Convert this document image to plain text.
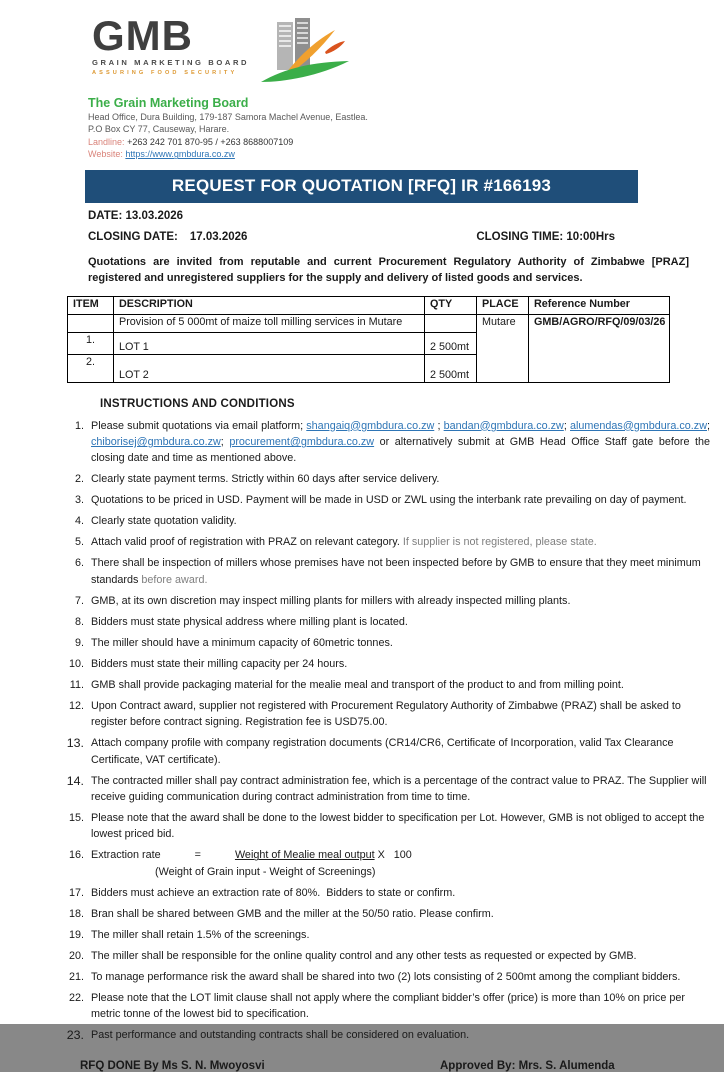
GMB
GRAIN MARKETING BOARD
ASSURING FOOD SECURITY
The Grain Marketing Board
Head Office, Dura Building, 179-187 Samora Machel Avenue, Eastlea.
P.O Box CY 77, Causeway, Harare.
Landline: +263 242 701 870-95 / +263 8688007109
Website: https://www.gmbdura.co.zw
REQUEST FOR QUOTATION [RFQ] IR #166193
DATE: 13.03.2026
CLOSING DATE: 17.03.2026	CLOSING TIME: 10:00Hrs

Quotations are invited from reputable and current Procurement Regulatory Authority of Zimbabwe [PRAZ] registered and unregistered suppliers for the supply and delivery of listed goods and services.

ITEM	DESCRIPTION	QTY	PLACE	Reference Number
	Provision of 5 000mt of maize toll milling services in Mutare		Mutare	GMB/AGRO/RFQ/09/03/26
1.	LOT 1	2 500mt		
2.	LOT 2	2 500mt		
INSTRUCTIONS AND CONDITIONS
1. Please submit quotations via email platform; shangaiq@gmbdura.co.zw ; bandan@gmbdura.co.zw; alumendas@gmbdura.co.zw; chiborisej@gmbdura.co.zw; procurement@gmbdura.co.zw or alternatively submit at GMB Head Office Staff gate before the closing date and time as mentioned above.
2. Clearly state payment terms. Strictly within 60 days after service delivery.
3. Quotations to be priced in USD. Payment will be made in USD or ZWL using the interbank rate prevailing on day of payment.
4. Clearly state quotation validity.
5. Attach valid proof of registration with PRAZ on relevant category. If supplier is not registered, please state.
6. There shall be inspection of millers whose premises have not been inspected before by GMB to ensure that they meet minimum standards before award.
7. GMB, at its own discretion may inspect milling plants for millers with already inspected milling plants.
8. Bidders must state physical address where milling plant is located.
9. The miller should have a minimum capacity of 60metric tonnes.
10. Bidders must state their milling capacity per 24 hours.
11. GMB shall provide packaging material for the mealie meal and transport of the product to and from milling point.
12. Upon Contract award, supplier not registered with Procurement Regulatory Authority of Zimbabwe (PRAZ) shall be asked to register before contract signing. Registration fee is USD75.00.
13. Attach company profile with company registration documents (CR14/CR6, Certificate of Incorporation, valid Tax Clearance Certificate, VAT certificate).
14. The contracted miller shall pay contract administration fee, which is a percentage of the contract value to PRAZ. The Supplier will receive guiding communication during contract administration from time to time.
15. Please note that the award shall be done to the lowest bidder to specification per Lot. However, GMB is not obliged to accept the lowest priced bid.
16. Extraction rate	=	Weight of Mealie meal output X   100
(Weight of Grain input - Weight of Screenings)
17. Bidders must achieve an extraction rate of 80%.  Bidders to state or confirm.
18. Bran shall be shared between GMB and the miller at the 50/50 ratio. Please confirm.
19. The miller shall retain 1.5% of the screenings.
20. The miller shall be responsible for the online quality control and any other tests as requested or expected by GMB.
21. To manage performance risk the award shall be shared into two (2) lots consisting of 2 500mt among the compliant bidders.
22. Please note that the LOT limit clause shall not apply where the compliant bidder’s offer (price) is more than 10% on price per metric tonne of the lowest bid to specification.
23. Past performance and outstanding contracts shall be considered on evaluation.
RFQ DONE By Ms S. N. Mwoyosvi	Approved By: Mrs. S. Alumenda
